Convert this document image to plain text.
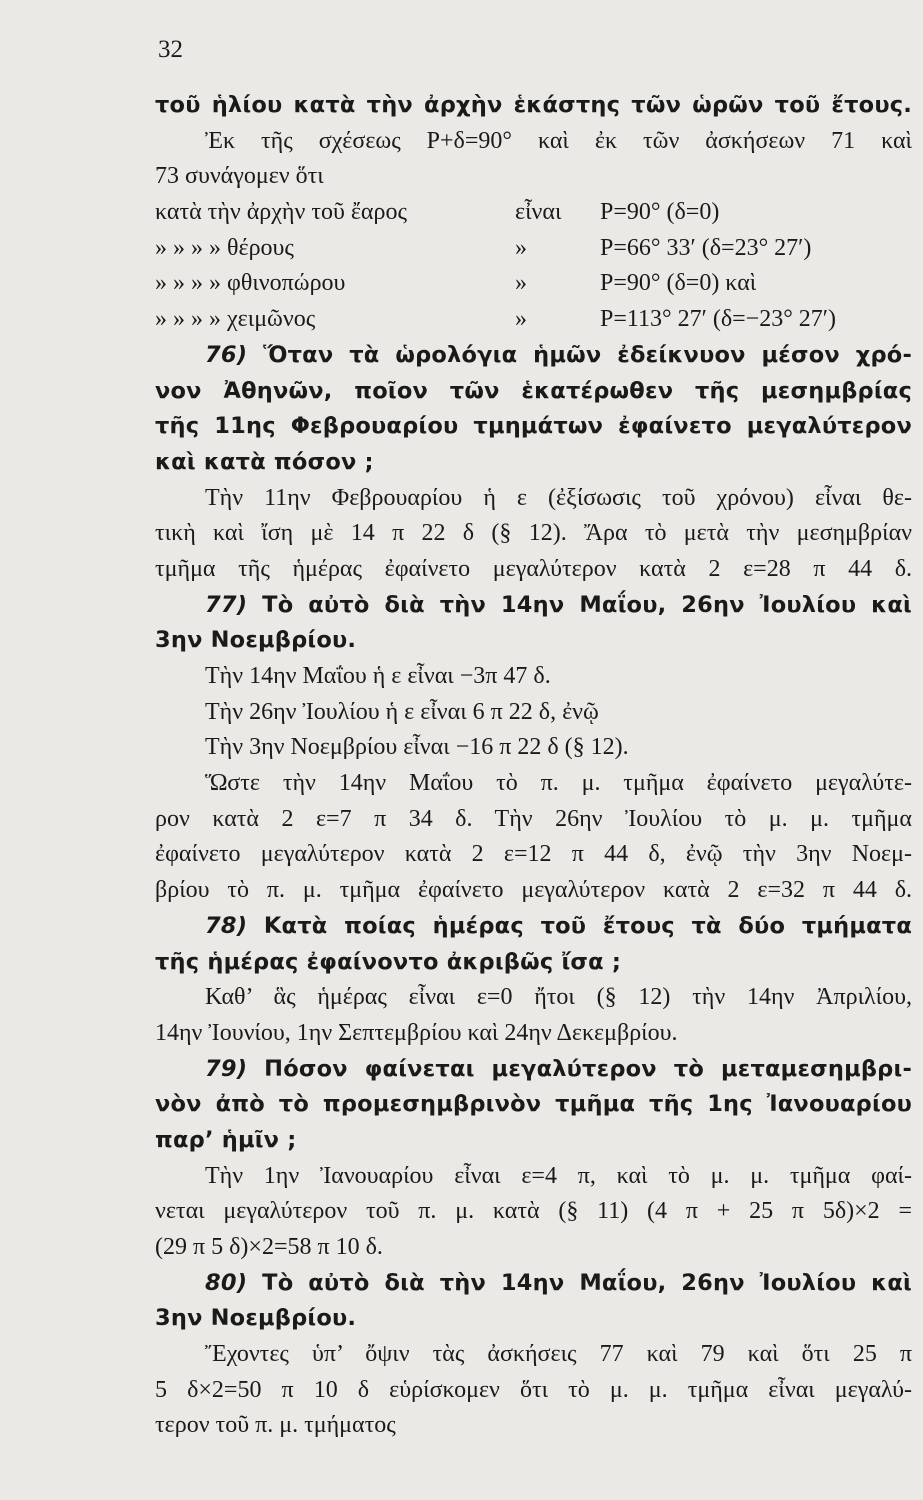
32
τοῦ ἡλίου κατὰ τὴν ἀρχὴν ἑκάστης τῶν ὡρῶν τοῦ ἔτους.
Ἐκ τῆς σχέσεως Ρ+δ=90° καὶ ἐκ τῶν ἀσκήσεων 71 καὶ
73 συνάγομεν ὅτι
κατὰ τὴν ἀρχὴν τοῦ ἔαρος	εἶναι	Ρ=90° (δ=0)
» » » » θέρους	»	Ρ=66° 33′ (δ=23° 27′)
» » » » φθινοπώρου	»	Ρ=90° (δ=0) καὶ
» » » » χειμῶνος	»	Ρ=113° 27′ (δ=−23° 27′)
76) Ὅταν τὰ ὡρολόγια ἡμῶν ἐδείκνυον μέσον χρό-
νον Ἀθηνῶν, ποῖον τῶν ἑκατέρωθεν τῆς μεσημβρίας
τῆς 11ης Φεβρουαρίου τμημάτων ἐφαίνετο μεγαλύτερον
καὶ κατὰ πόσον ;
Τὴν 11ην Φεβρουαρίου ἡ ε (ἐξίσωσις τοῦ χρόνου) εἶναι θε-
τικὴ καὶ ἴση μὲ 14 π 22 δ (§ 12). Ἄρα τὸ μετὰ τὴν μεσημβρίαν
τμῆμα τῆς ἡμέρας ἐφαίνετο μεγαλύτερον κατὰ 2 ε=28 π 44 δ.
77) Τὸ αὐτὸ διὰ τὴν 14ην Μαΐου, 26ην Ἰουλίου καὶ
3ην Νοεμβρίου.
Τὴν 14ην Μαΐου ἡ ε εἶναι −3π 47 δ.
Τὴν 26ην Ἰουλίου ἡ ε εἶναι 6 π 22 δ, ἐνῷ
Τὴν 3ην Νοεμβρίου εἶναι −16 π 22 δ (§ 12).
Ὥστε τὴν 14ην Μαΐου τὸ π. μ. τμῆμα ἐφαίνετο μεγαλύτε-
ρον κατὰ 2 ε=7 π 34 δ. Τὴν 26ην Ἰουλίου τὸ μ. μ. τμῆμα
ἐφαίνετο μεγαλύτερον κατὰ 2 ε=12 π 44 δ, ἐνῷ τὴν 3ην Νοεμ-
βρίου τὸ π. μ. τμῆμα ἐφαίνετο μεγαλύτερον κατὰ 2 ε=32 π 44 δ.
78) Κατὰ ποίας ἡμέρας τοῦ ἔτους τὰ δύο τμήματα
τῆς ἡμέρας ἐφαίνοντο ἀκριβῶς ἴσα ;
Καθ’ ἃς ἡμέρας εἶναι ε=0 ἤτοι (§ 12) τὴν 14ην Ἀπριλίου,
14ην Ἰουνίου, 1ην Σεπτεμβρίου καὶ 24ην Δεκεμβρίου.
79) Πόσον φαίνεται μεγαλύτερον τὸ μεταμεσημβρι-
νὸν ἀπὸ τὸ προμεσημβρινὸν τμῆμα τῆς 1ης Ἰανουαρίου
παρ’ ἡμῖν ;
Τὴν 1ην Ἰανουαρίου εἶναι ε=4 π, καὶ τὸ μ. μ. τμῆμα φαί-
νεται μεγαλύτερον τοῦ π. μ. κατὰ (§ 11) (4 π + 25 π 5δ)×2 =
(29 π 5 δ)×2=58 π 10 δ.
80) Τὸ αὐτὸ διὰ τὴν 14ην Μαΐου, 26ην Ἰουλίου καὶ
3ην Νοεμβρίου.
Ἔχοντες ὑπ’ ὄψιν τὰς ἀσκήσεις 77 καὶ 79 καὶ ὅτι 25 π
5 δ×2=50 π 10 δ εὑρίσκομεν ὅτι τὸ μ. μ. τμῆμα εἶναι μεγαλύ-
τερον τοῦ π. μ. τμήματος
